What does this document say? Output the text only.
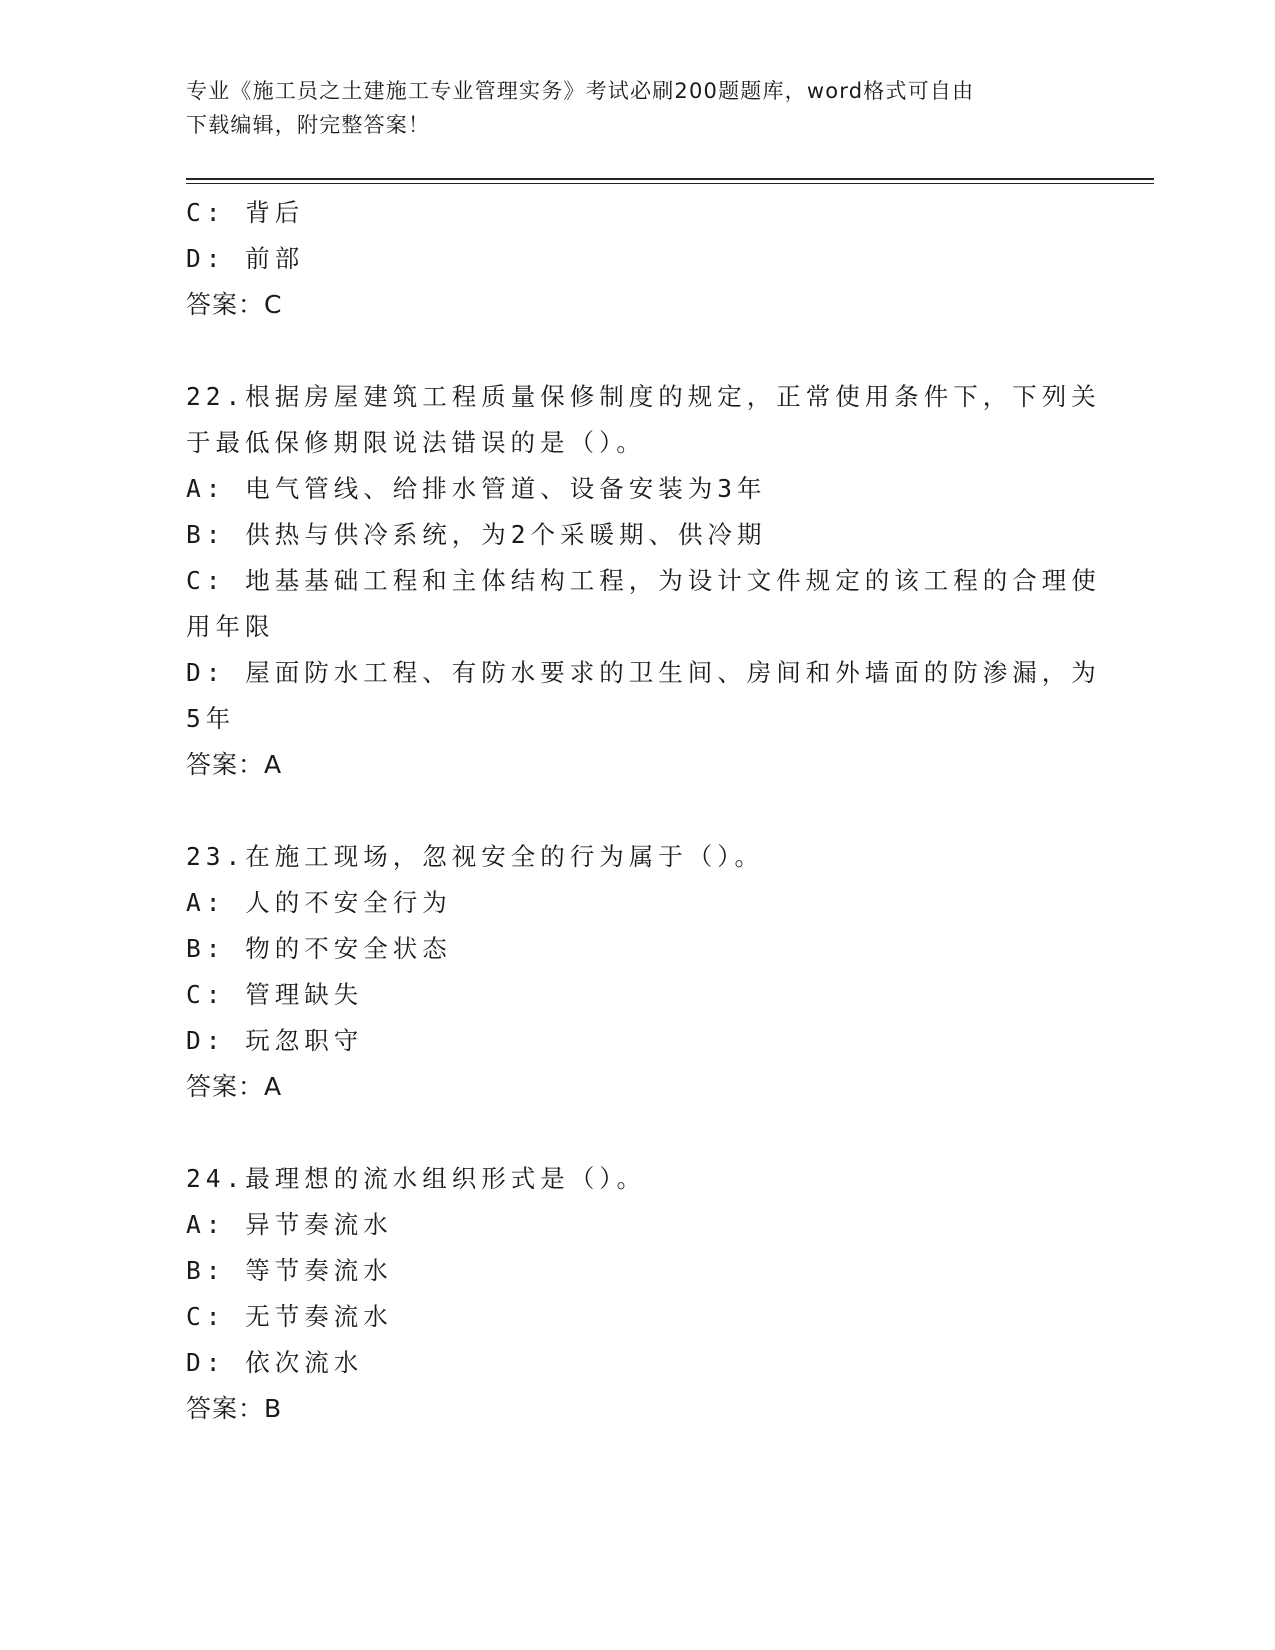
专业《施工员之土建施工专业管理实务》考试必刷200题题库，word格式可自由
下载编辑，附完整答案！
C: 背后
D: 前部
答案：C
22.根据房屋建筑工程质量保修制度的规定，正常使用条件下，下列关
于最低保修期限说法错误的是（）。
A: 电气管线、给排水管道、设备安装为3年
B: 供热与供冷系统，为2个采暖期、供冷期
C: 地基基础工程和主体结构工程，为设计文件规定的该工程的合理使
用年限
D: 屋面防水工程、有防水要求的卫生间、房间和外墙面的防渗漏，为
5年
答案：A
23.在施工现场，忽视安全的行为属于（）。
A: 人的不安全行为
B: 物的不安全状态
C: 管理缺失
D: 玩忽职守
答案：A
24.最理想的流水组织形式是（）。
A: 异节奏流水
B: 等节奏流水
C: 无节奏流水
D: 依次流水
答案：B
